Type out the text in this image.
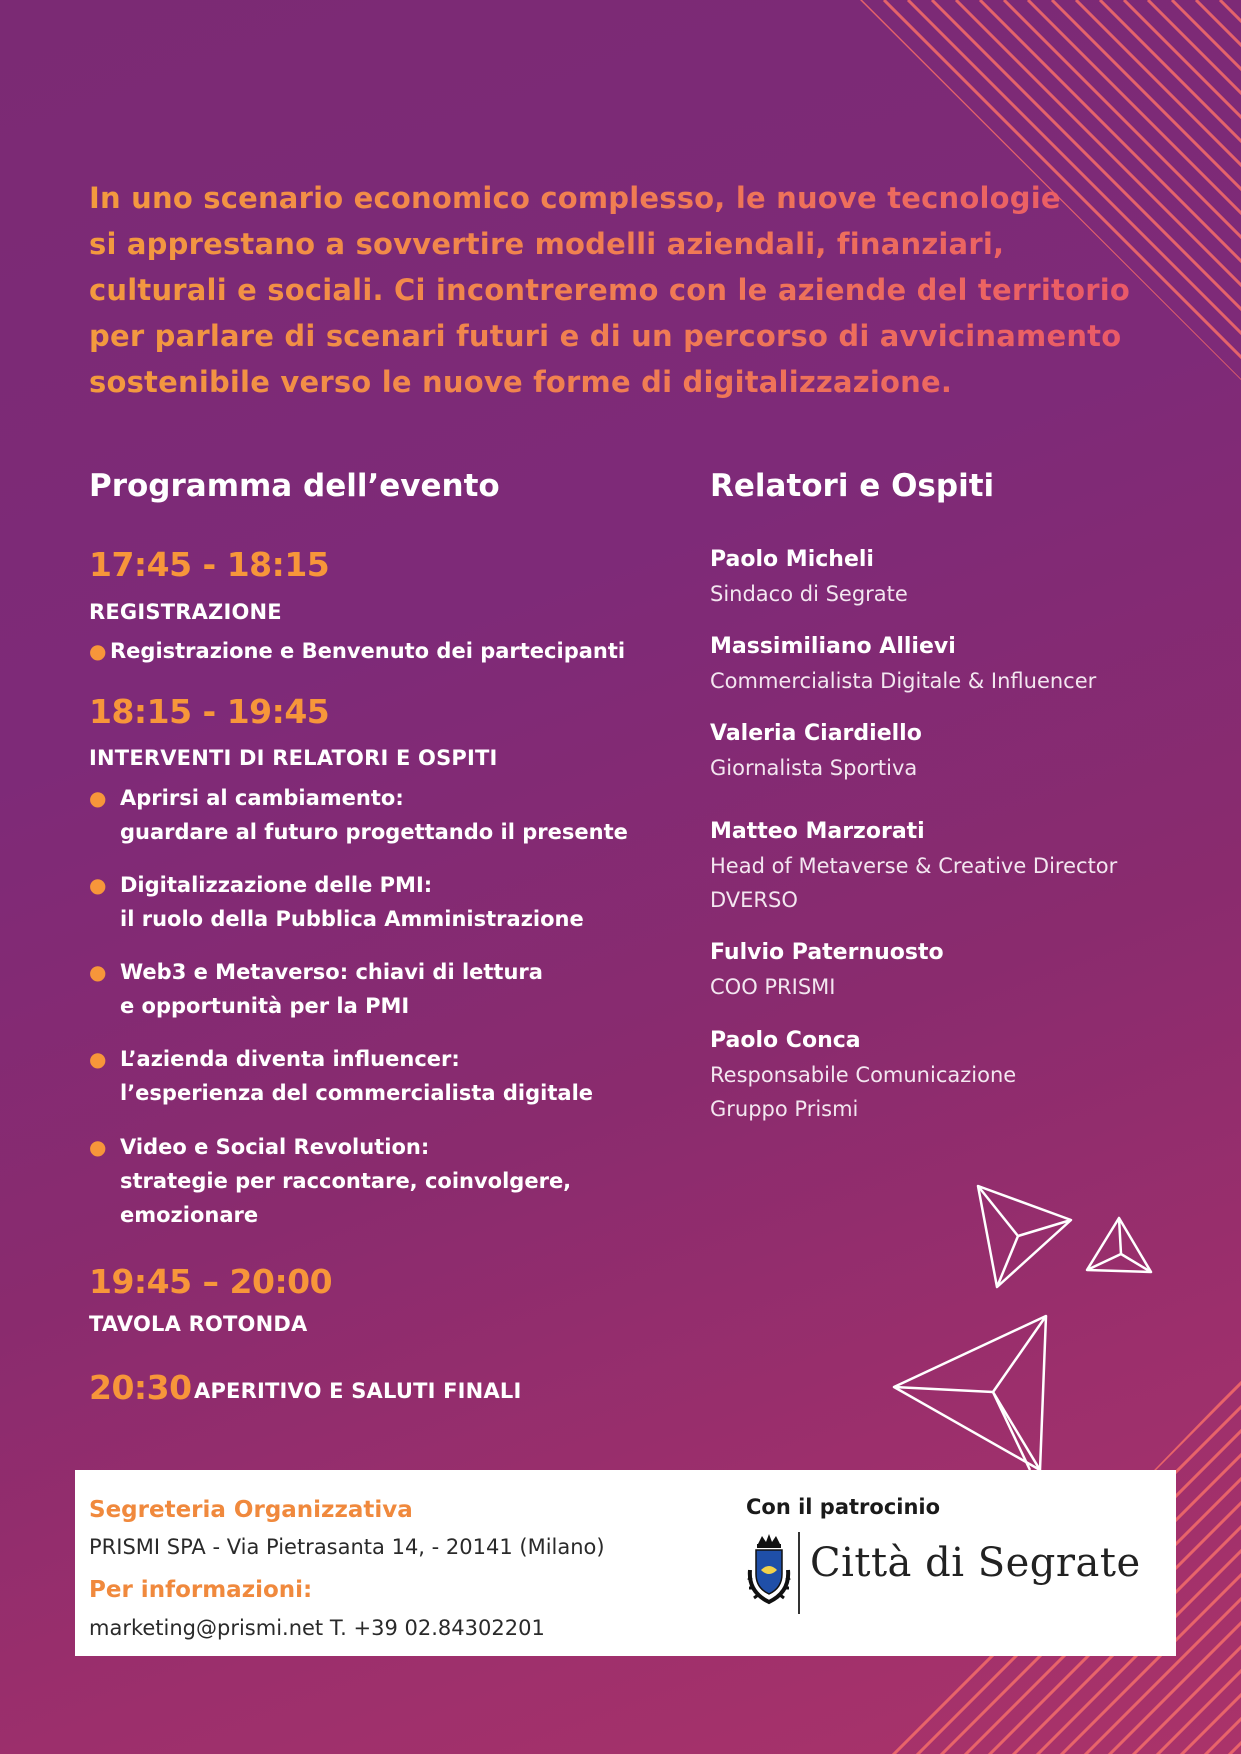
In uno scenario economico complesso, le nuove tecnologie
si apprestano a sovvertire modelli aziendali, finanziari,
culturali e sociali. Ci incontreremo con le aziende del territorio
per parlare di scenari futuri e di un percorso di avvicinamento
sostenibile verso le nuove forme di digitalizzazione.
Programma dell’evento
17:45 - 18:15
REGISTRAZIONE
● Registrazione e Benvenuto dei partecipanti
18:15 - 19:45
INTERVENTI DI RELATORI E OSPITI
● Aprirsi al cambiamento:
guardare al futuro progettando il presente
● Digitalizzazione delle PMI:
il ruolo della Pubblica Amministrazione
● Web3 e Metaverso: chiavi di lettura
e opportunità per la PMI
● L’azienda diventa influencer:
l’esperienza del commercialista digitale
● Video e Social Revolution:
strategie per raccontare, coinvolgere,
emozionare
19:45 – 20:00
TAVOLA ROTONDA
20:30 APERITIVO E SALUTI FINALI
Relatori e Ospiti
Paolo Micheli
Sindaco di Segrate
Massimiliano Allievi
Commercialista Digitale & Influencer
Valeria Ciardiello
Giornalista Sportiva
Matteo Marzorati
Head of Metaverse & Creative Director
DVERSO
Fulvio Paternuosto
COO PRISMI
Paolo Conca
Responsabile Comunicazione
Gruppo Prismi
Segreteria Organizzativa
PRISMI SPA - Via Pietrasanta 14, - 20141 (Milano)
Per informazioni:
marketing@prismi.net T. +39 02.84302201
Con il patrocinio
Città di Segrate
